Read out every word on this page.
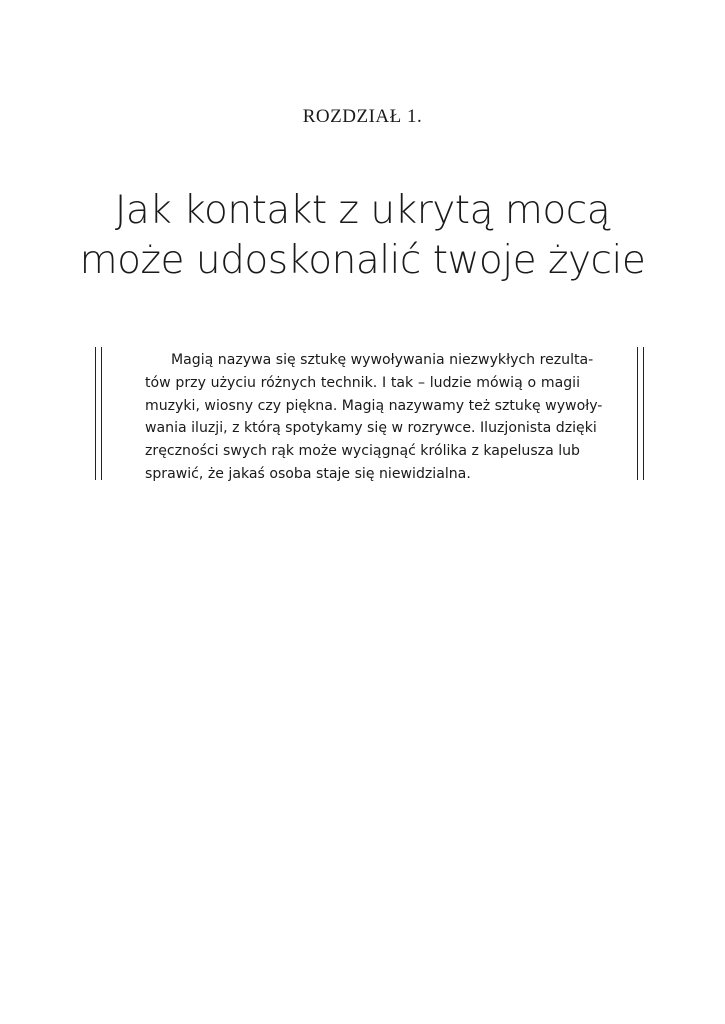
ROZDZIAŁ 1.
Jak kontakt z ukrytą mocą
może udoskonalić twoje życie
Magią nazywa się sztukę wywoływania niezwykłych rezulta-
tów przy użyciu różnych technik. I tak – ludzie mówią o magii
muzyki, wiosny czy piękna. Magią nazywamy też sztukę wywoły-
wania iluzji, z którą spotykamy się w rozrywce. Iluzjonista dzięki
zręczności swych rąk może wyciągnąć królika z kapelusza lub
sprawić, że jakaś osoba staje się niewidzialna.
